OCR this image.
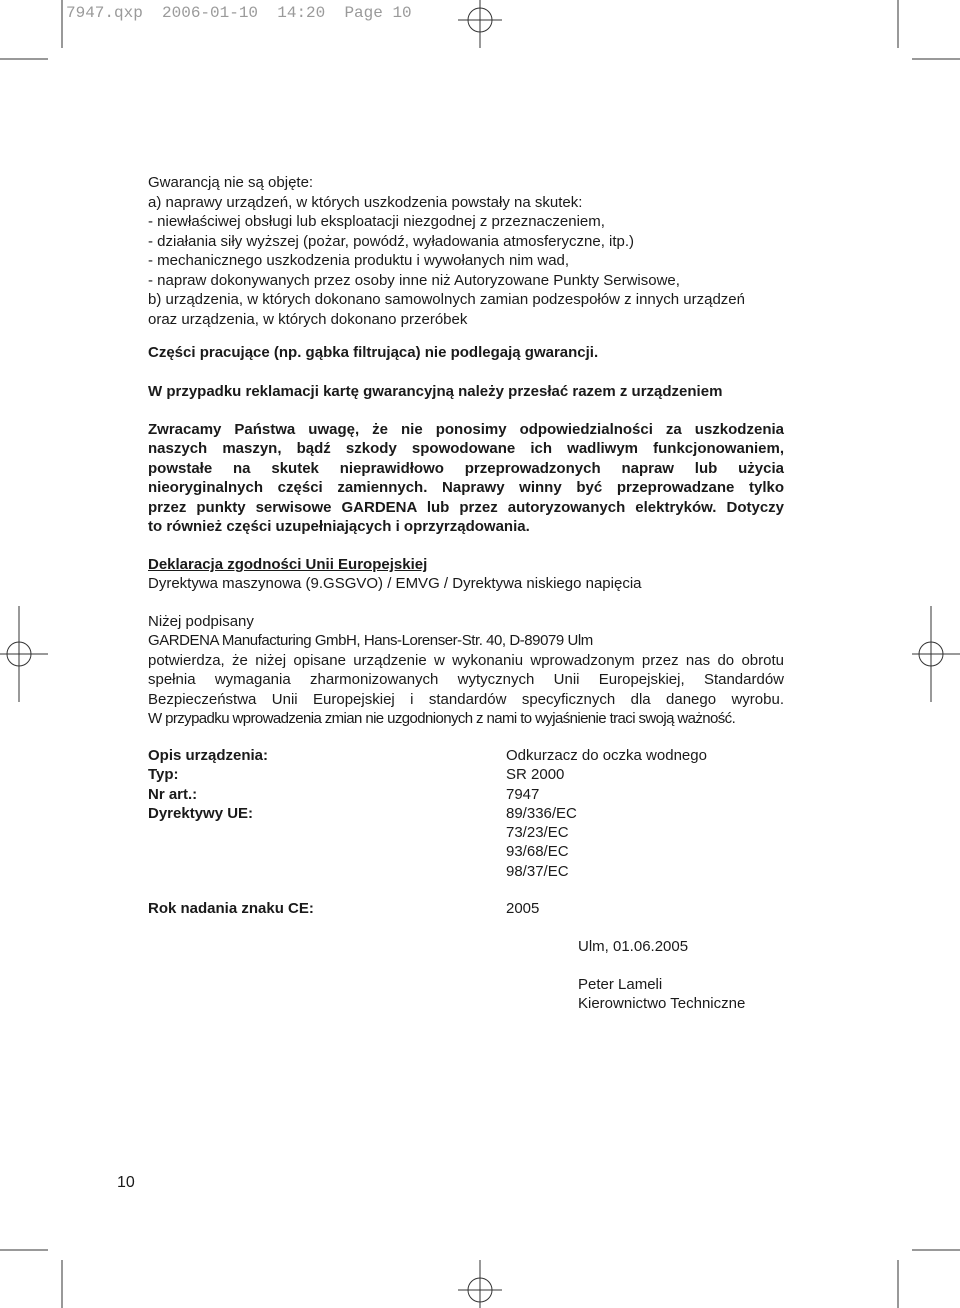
7947.qxp  2006-01-10  14:20  Page 10
Gwarancją nie są objęte:
a) naprawy urządzeń, w których uszkodzenia powstały na skutek:
- niewłaściwej obsługi lub eksploatacji niezgodnej z przeznaczeniem,
- działania siły wyższej (pożar, powódź, wyładowania atmosferyczne, itp.)
- mechanicznego uszkodzenia produktu i wywołanych nim wad,
- napraw dokonywanych przez osoby inne niż Autoryzowane Punkty Serwisowe,
b) urządzenia, w których dokonano samowolnych zamian podzespołów z innych urządzeń
oraz urządzenia, w których dokonano przeróbek
Części pracujące (np. gąbka filtrująca) nie podlegają gwarancji.
W przypadku reklamacji kartę gwarancyjną należy przesłać razem z urządzeniem
Zwracamy Państwa uwagę, że nie ponosimy odpowiedzialności za uszkodzenia
naszych maszyn, bądź szkody spowodowane ich wadliwym funkcjonowaniem,
powstałe na skutek nieprawidłowo przeprowadzonych napraw lub użycia
nieoryginalnych części zamiennych. Naprawy winny być przeprowadzane tylko
przez punkty serwisowe GARDENA lub przez autoryzowanych elektryków. Dotyczy
to również części uzupełniających i oprzyrządowania.
Deklaracja zgodności Unii Europejskiej
Dyrektywa maszynowa (9.GSGVO) / EMVG / Dyrektywa niskiego napięcia
Niżej podpisany
GARDENA Manufacturing GmbH, Hans-Lorenser-Str. 40, D-89079 Ulm
potwierdza, że niżej opisane urządzenie w wykonaniu wprowadzonym przez nas do obrotu
spełnia wymagania zharmonizowanych wytycznych Unii Europejskiej, Standardów
Bezpieczeństwa Unii Europejskiej i standardów specyficznych dla danego wyrobu.
W przypadku wprowadzenia zmian nie uzgodnionych z nami to wyjaśnienie traci swoją ważność.
Opis urządzenia:	Odkurzacz do oczka wodnego
Typ:	SR 2000
Nr art.:	7947
Dyrektywy UE:	89/336/EC
73/23/EC
93/68/EC
98/37/EC
Rok nadania znaku CE:	2005
Ulm, 01.06.2005
Peter Lameli
Kierownictwo Techniczne
10
